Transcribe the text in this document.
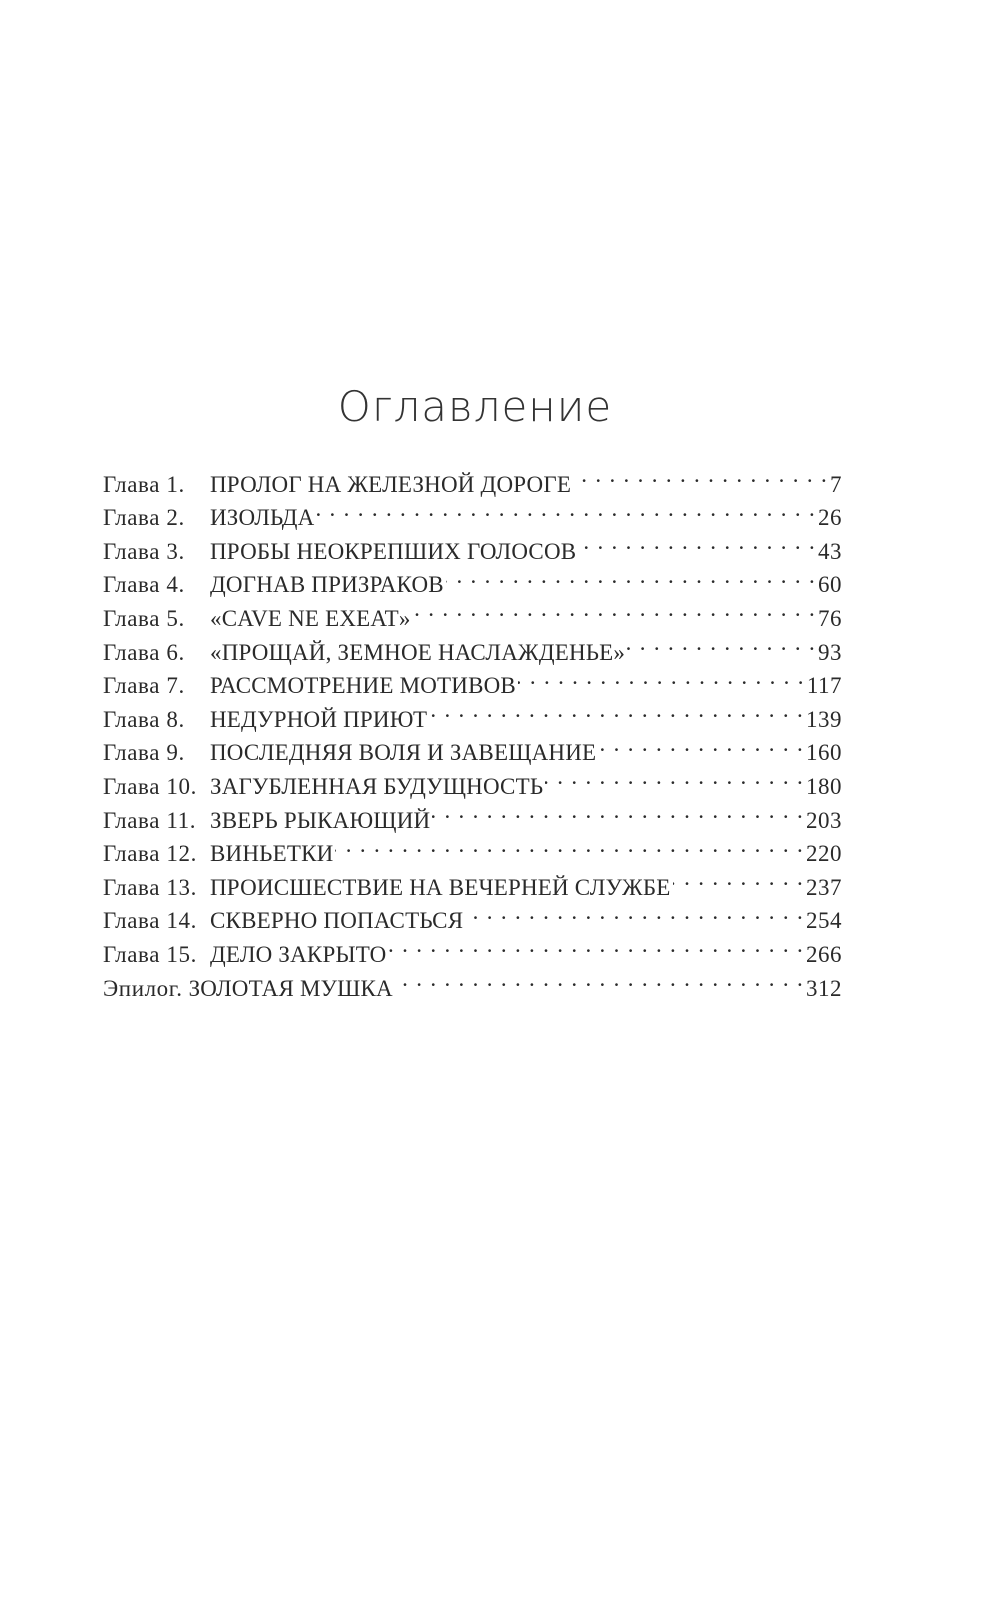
Оглавление
Глава 1.	ПРОЛОГ НА ЖЕЛЕЗНОЙ ДОРОГЕ . . .	7
Глава 2.	ИЗОЛЬДА . . .	26
Глава 3.	ПРОБЫ НЕОКРЕПШИХ ГОЛОСОВ . . .	43
Глава 4.	ДОГНАВ ПРИЗРАКОВ . . .	60
Глава 5.	«CAVE NE EXEAT» . . .	76
Глава 6.	«ПРОЩАЙ, ЗЕМНОЕ НАСЛАЖДЕНЬЕ» . . .	93
Глава 7.	РАССМОТРЕНИЕ МОТИВОВ . . .	117
Глава 8.	НЕДУРНОЙ ПРИЮТ . . .	139
Глава 9.	ПОСЛЕДНЯЯ ВОЛЯ И ЗАВЕЩАНИЕ . . .	160
Глава 10. ЗАГУБЛЕННАЯ БУДУЩНОСТЬ . . .	180
Глава 11. ЗВЕРЬ РЫКАЮЩИЙ . . .	203
Глава 12. ВИНЬЕТКИ . . .	220
Глава 13. ПРОИСШЕСТВИЕ НА ВЕЧЕРНЕЙ СЛУЖБЕ . . .	237
Глава 14. СКВЕРНО ПОПАСТЬСЯ . . .	254
Глава 15. ДЕЛО ЗАКРЫТО . . .	266
Эпилог. ЗОЛОТАЯ МУШКА . . .	312
